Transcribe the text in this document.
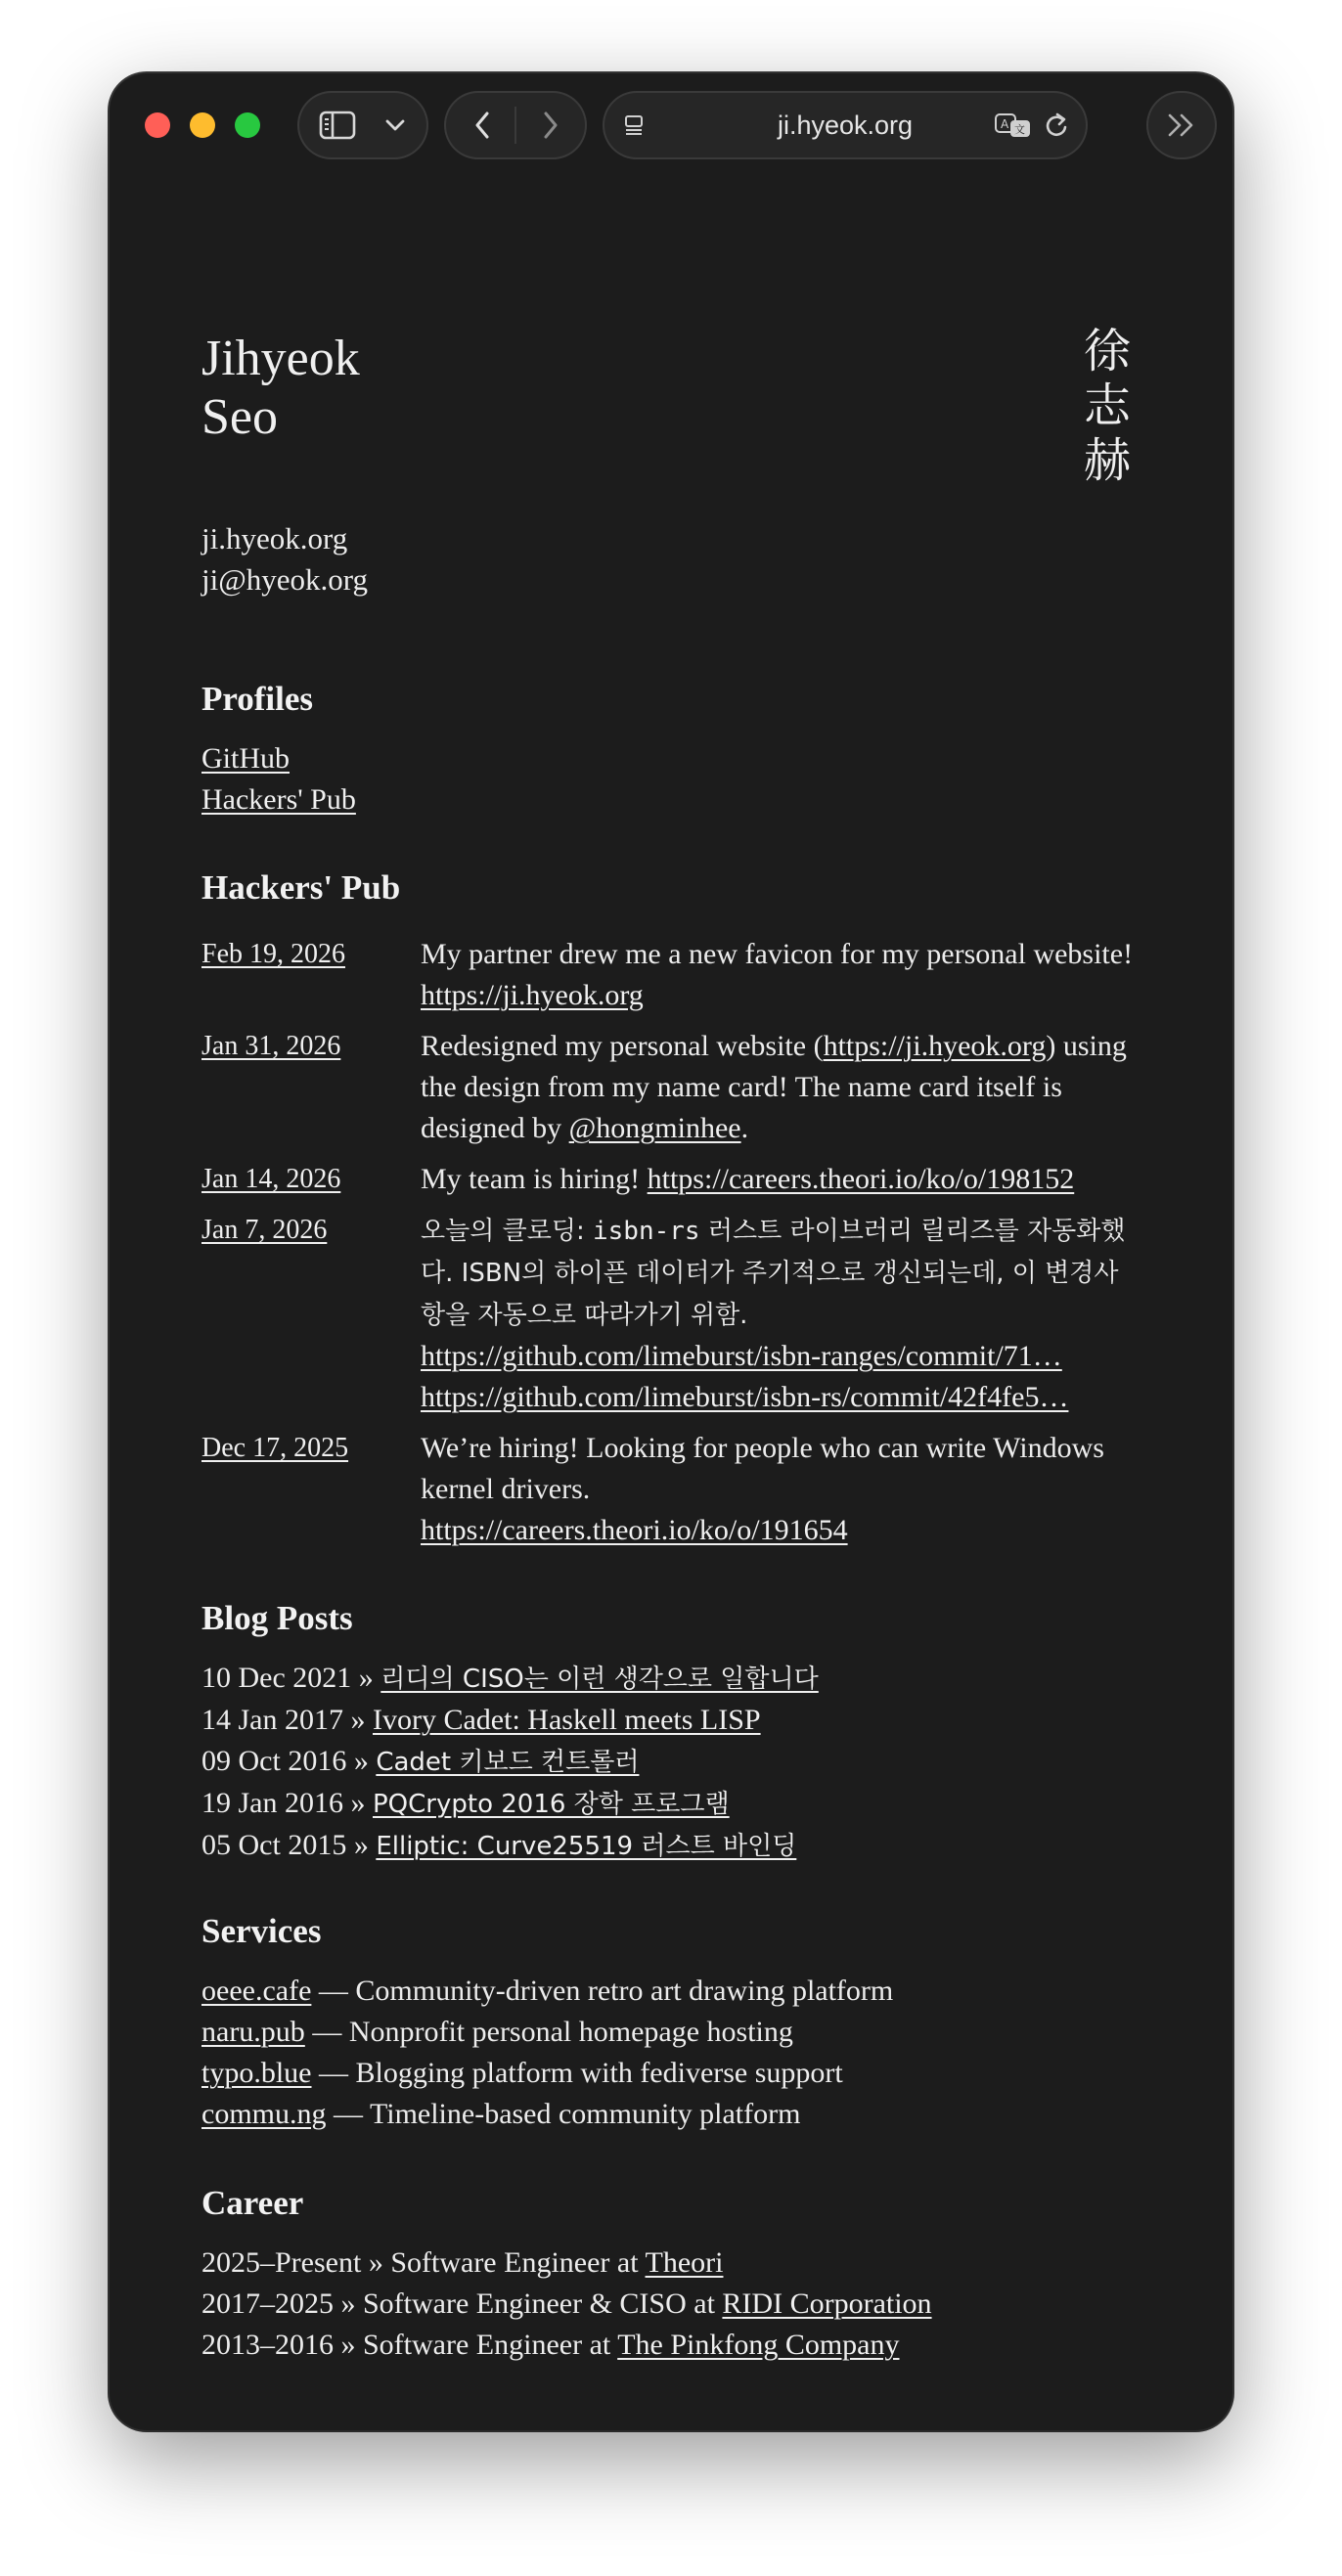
ji.hyeok.org	A 文
Jihyeok
Seo
徐
志
赫
ji.hyeok.org
ji@hyeok.org
Profiles
GitHub
Hackers' Pub
Hackers' Pub
Feb 19, 2026	My partner drew me a new favicon for my personal website! https://ji.hyeok.org
Jan 31, 2026	Redesigned my personal website (https://ji.hyeok.org) using the design from my name card! The name card itself is designed by @hongminhee.
Jan 14, 2026	My team is hiring! https://careers.theori.io/ko/o/198152
Jan 7, 2026	오늘의 클로딩: isbn-rs 러스트 라이브러리 릴리즈를 자동화했다. ISBN의 하이픈 데이터가 주기적으로 갱신되는데, 이 변경사항을 자동으로 따라가기 위함.
https://github.com/limeburst/isbn-ranges/commit/71…
https://github.com/limeburst/isbn-rs/commit/42f4fe5…
Dec 17, 2025	We’re hiring! Looking for people who can write Windows kernel drivers.
https://careers.theori.io/ko/o/191654
Blog Posts
10 Dec 2021 » 리디의 CISO는 이런 생각으로 일합니다
14 Jan 2017 » Ivory Cadet: Haskell meets LISP
09 Oct 2016 » Cadet 키보드 컨트롤러
19 Jan 2016 » PQCrypto 2016 장학 프로그램
05 Oct 2015 » Elliptic: Curve25519 러스트 바인딩
Services
oeee.cafe — Community-driven retro art drawing platform
naru.pub — Nonprofit personal homepage hosting
typo.blue — Blogging platform with fediverse support
commu.ng — Timeline-based community platform
Career
2025–Present » Software Engineer at Theori
2017–2025 » Software Engineer & CISO at RIDI Corporation
2013–2016 » Software Engineer at The Pinkfong Company
